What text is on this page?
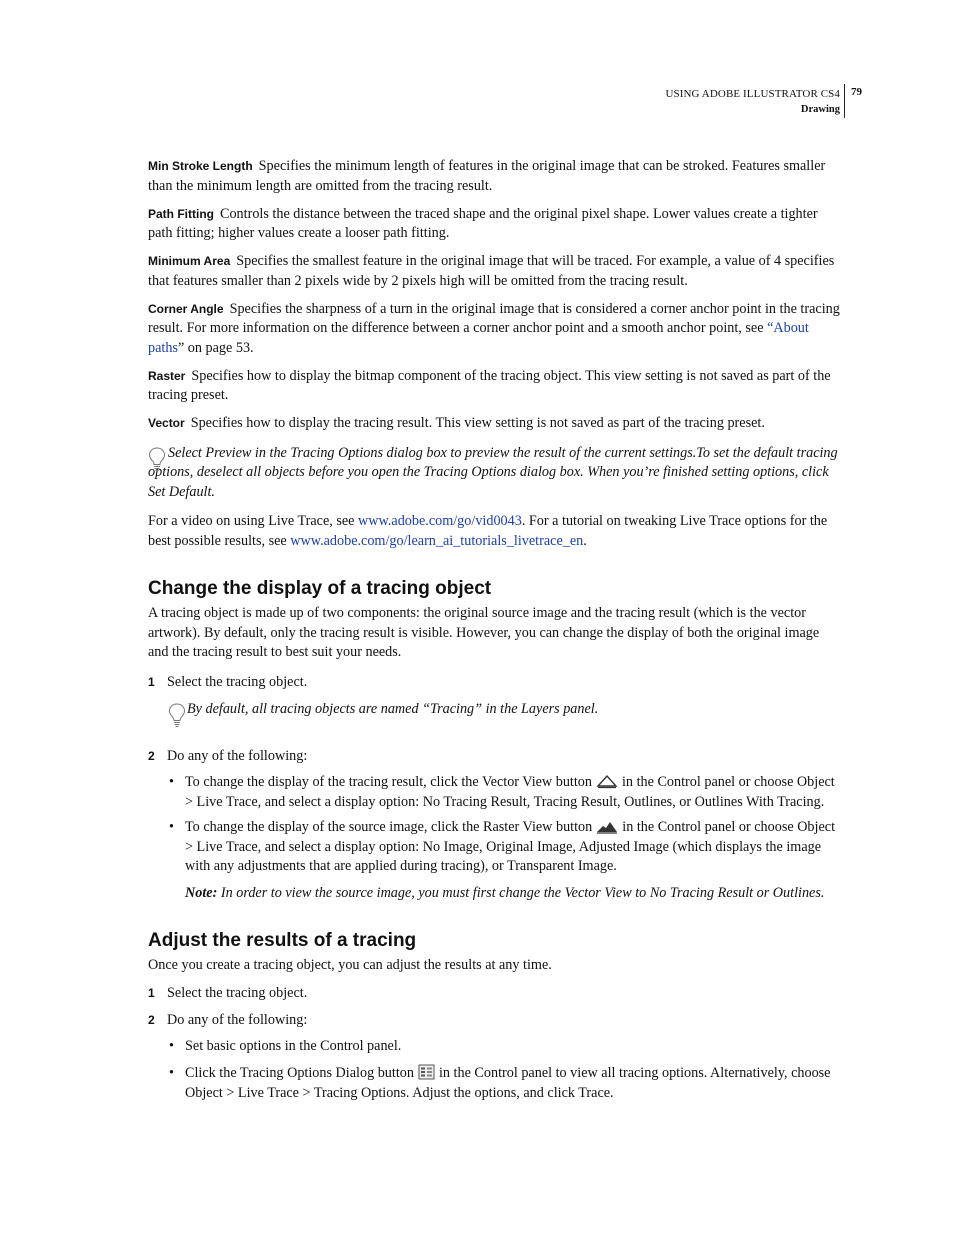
USING ADOBE ILLUSTRATOR CS4
Drawing
79

Min Stroke Length Specifies the minimum length of features in the original image that can be stroked. Features smaller than the minimum length are omitted from the tracing result.

Path Fitting Controls the distance between the traced shape and the original pixel shape. Lower values create a tighter path fitting; higher values create a looser path fitting.

Minimum Area Specifies the smallest feature in the original image that will be traced. For example, a value of 4 specifies that features smaller than 2 pixels wide by 2 pixels high will be omitted from the tracing result.

Corner Angle Specifies the sharpness of a turn in the original image that is considered a corner anchor point in the tracing result. For more information on the difference between a corner anchor point and a smooth anchor point, see “About paths” on page 53.

Raster Specifies how to display the bitmap component of the tracing object. This view setting is not saved as part of the tracing preset.

Vector Specifies how to display the tracing result. This view setting is not saved as part of the tracing preset.

Select Preview in the Tracing Options dialog box to preview the result of the current settings.To set the default tracing options, deselect all objects before you open the Tracing Options dialog box. When you’re finished setting options, click Set Default.

For a video on using Live Trace, see www.adobe.com/go/vid0043. For a tutorial on tweaking Live Trace options for the best possible results, see www.adobe.com/go/learn_ai_tutorials_livetrace_en.

Change the display of a tracing object

A tracing object is made up of two components: the original source image and the tracing result (which is the vector artwork). By default, only the tracing result is visible. However, you can change the display of both the original image and the tracing result to best suit your needs.

1 Select the tracing object.

By default, all tracing objects are named “Tracing” in the Layers panel.

2 Do any of the following:

• To change the display of the tracing result, click the Vector View button in the Control panel or choose Object > Live Trace, and select a display option: No Tracing Result, Tracing Result, Outlines, or Outlines With Tracing.

• To change the display of the source image, click the Raster View button in the Control panel or choose Object > Live Trace, and select a display option: No Image, Original Image, Adjusted Image (which displays the image with any adjustments that are applied during tracing), or Transparent Image.

Note: In order to view the source image, you must first change the Vector View to No Tracing Result or Outlines.

Adjust the results of a tracing

Once you create a tracing object, you can adjust the results at any time.

1 Select the tracing object.

2 Do any of the following:

• Set basic options in the Control panel.

• Click the Tracing Options Dialog button in the Control panel to view all tracing options. Alternatively, choose Object > Live Trace > Tracing Options. Adjust the options, and click Trace.
